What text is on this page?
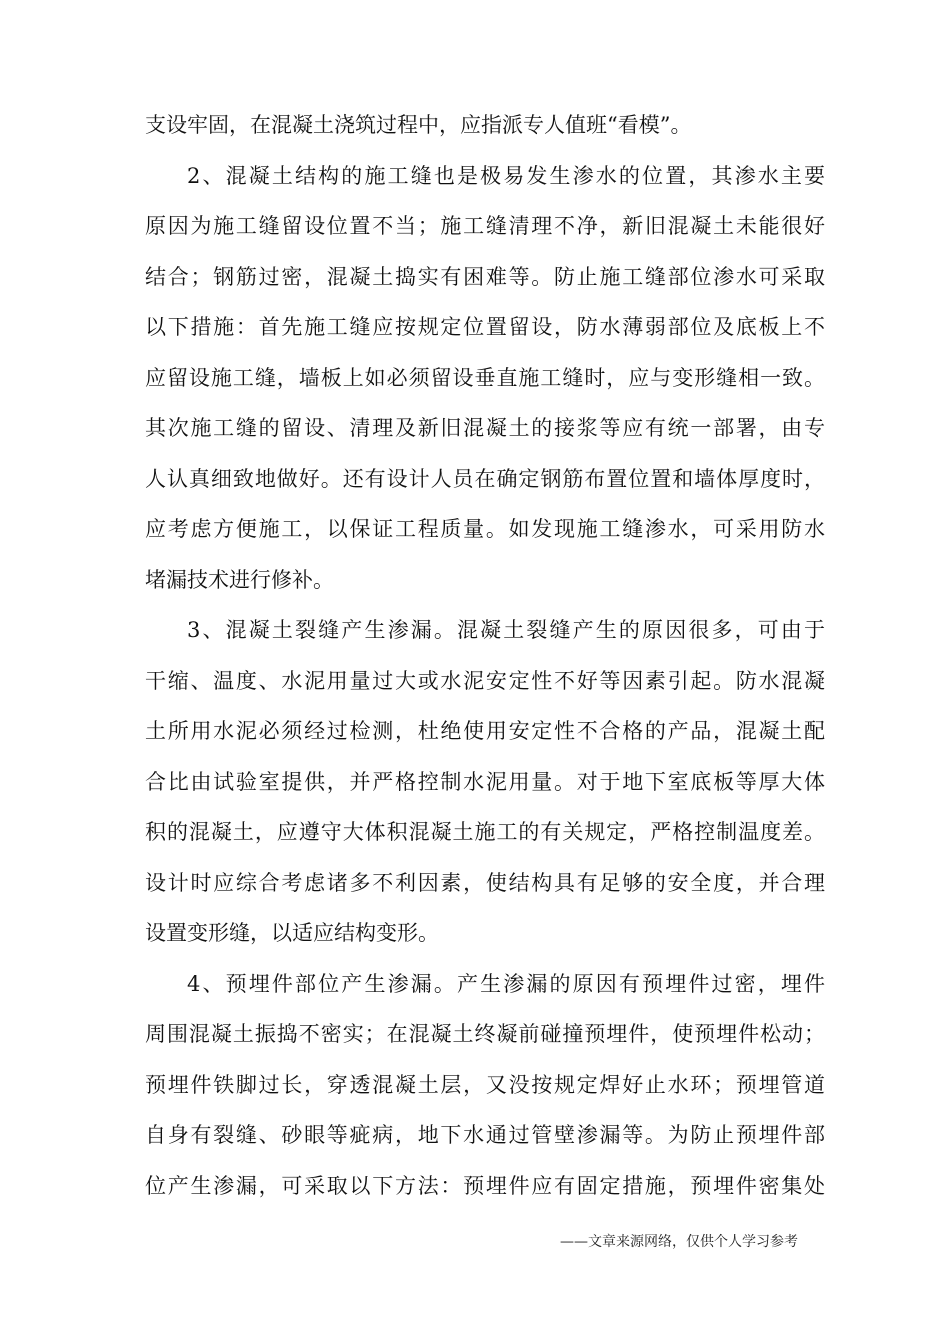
支设牢固，在混凝土浇筑过程中，应指派专人值班“看模”。
2、混凝土结构的施工缝也是极易发生渗水的位置，其渗水主要
原因为施工缝留设位置不当；施工缝清理不净，新旧混凝土未能很好
结合；钢筋过密，混凝土捣实有困难等。防止施工缝部位渗水可采取
以下措施：首先施工缝应按规定位置留设，防水薄弱部位及底板上不
应留设施工缝，墙板上如必须留设垂直施工缝时，应与变形缝相一致。
其次施工缝的留设、清理及新旧混凝土的接浆等应有统一部署，由专
人认真细致地做好。还有设计人员在确定钢筋布置位置和墙体厚度时，
应考虑方便施工，以保证工程质量。如发现施工缝渗水，可采用防水
堵漏技术进行修补。
3、混凝土裂缝产生渗漏。混凝土裂缝产生的原因很多，可由于
干缩、温度、水泥用量过大或水泥安定性不好等因素引起。防水混凝
土所用水泥必须经过检测，杜绝使用安定性不合格的产品，混凝土配
合比由试验室提供，并严格控制水泥用量。对于地下室底板等厚大体
积的混凝土，应遵守大体积混凝土施工的有关规定，严格控制温度差。
设计时应综合考虑诸多不利因素，使结构具有足够的安全度，并合理
设置变形缝，以适应结构变形。
4、预埋件部位产生渗漏。产生渗漏的原因有预埋件过密，埋件
周围混凝土振捣不密实；在混凝土终凝前碰撞预埋件，使预埋件松动；
预埋件铁脚过长，穿透混凝土层，又没按规定焊好止水环；预埋管道
自身有裂缝、砂眼等疵病，地下水通过管壁渗漏等。为防止预埋件部
位产生渗漏，可采取以下方法：预埋件应有固定措施，预埋件密集处
——文章来源网络，仅供个人学习参考
